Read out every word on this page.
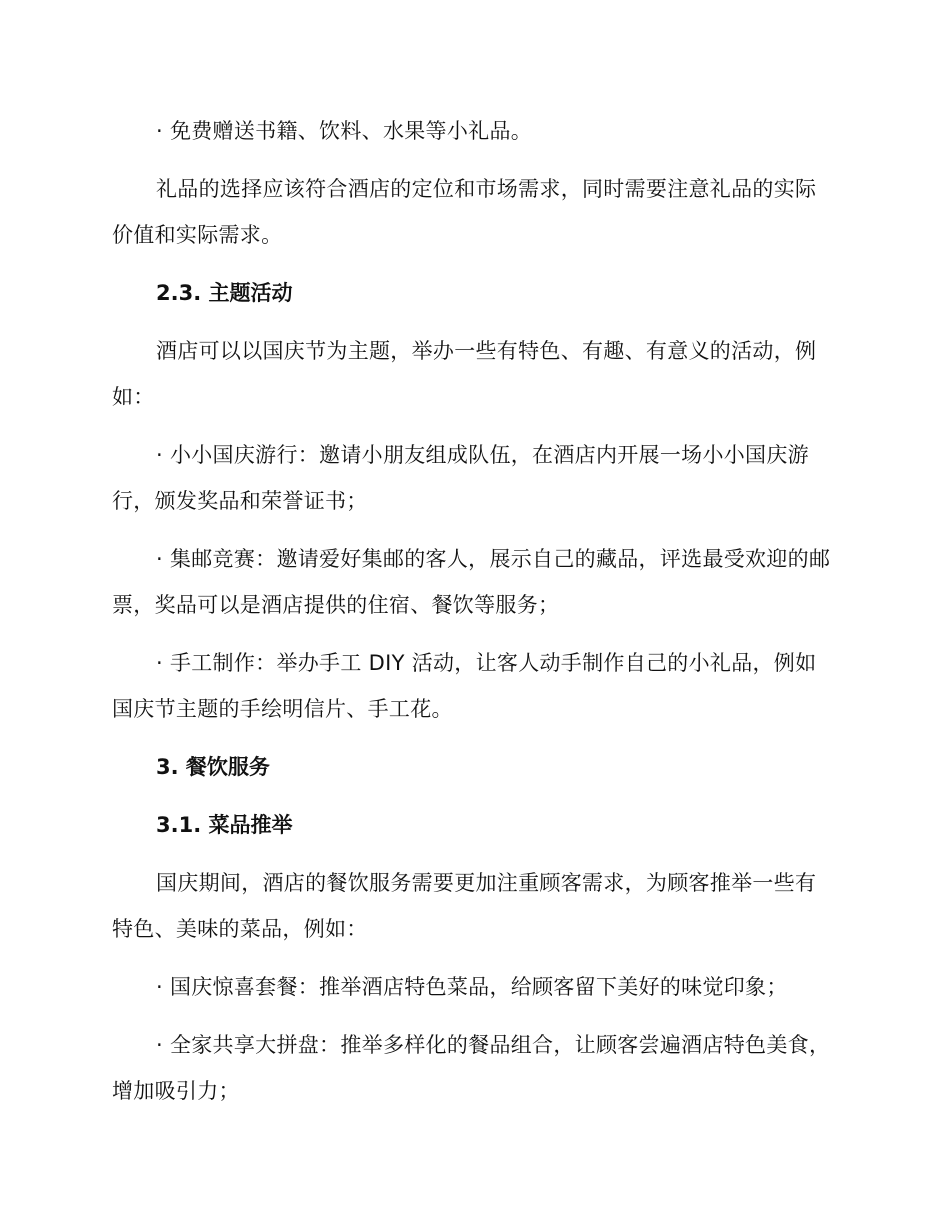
· 免费赠送书籍、饮料、水果等小礼品。

礼品的选择应该符合酒店的定位和市场需求，同时需要注意礼品的实际价值和实际需求。

2.3. 主题活动

酒店可以以国庆节为主题，举办一些有特色、有趣、有意义的活动，例如：

· 小小国庆游行：邀请小朋友组成队伍，在酒店内开展一场小小国庆游行，颁发奖品和荣誉证书；

· 集邮竞赛：邀请爱好集邮的客人，展示自己的藏品，评选最受欢迎的邮票，奖品可以是酒店提供的住宿、餐饮等服务；

· 手工制作：举办手工 DIY 活动，让客人动手制作自己的小礼品，例如国庆节主题的手绘明信片、手工花。

3. 餐饮服务

3.1. 菜品推举

国庆期间，酒店的餐饮服务需要更加注重顾客需求，为顾客推举一些有特色、美味的菜品，例如：

· 国庆惊喜套餐：推举酒店特色菜品，给顾客留下美好的味觉印象；

· 全家共享大拼盘：推举多样化的餐品组合，让顾客尝遍酒店特色美食，增加吸引力；
